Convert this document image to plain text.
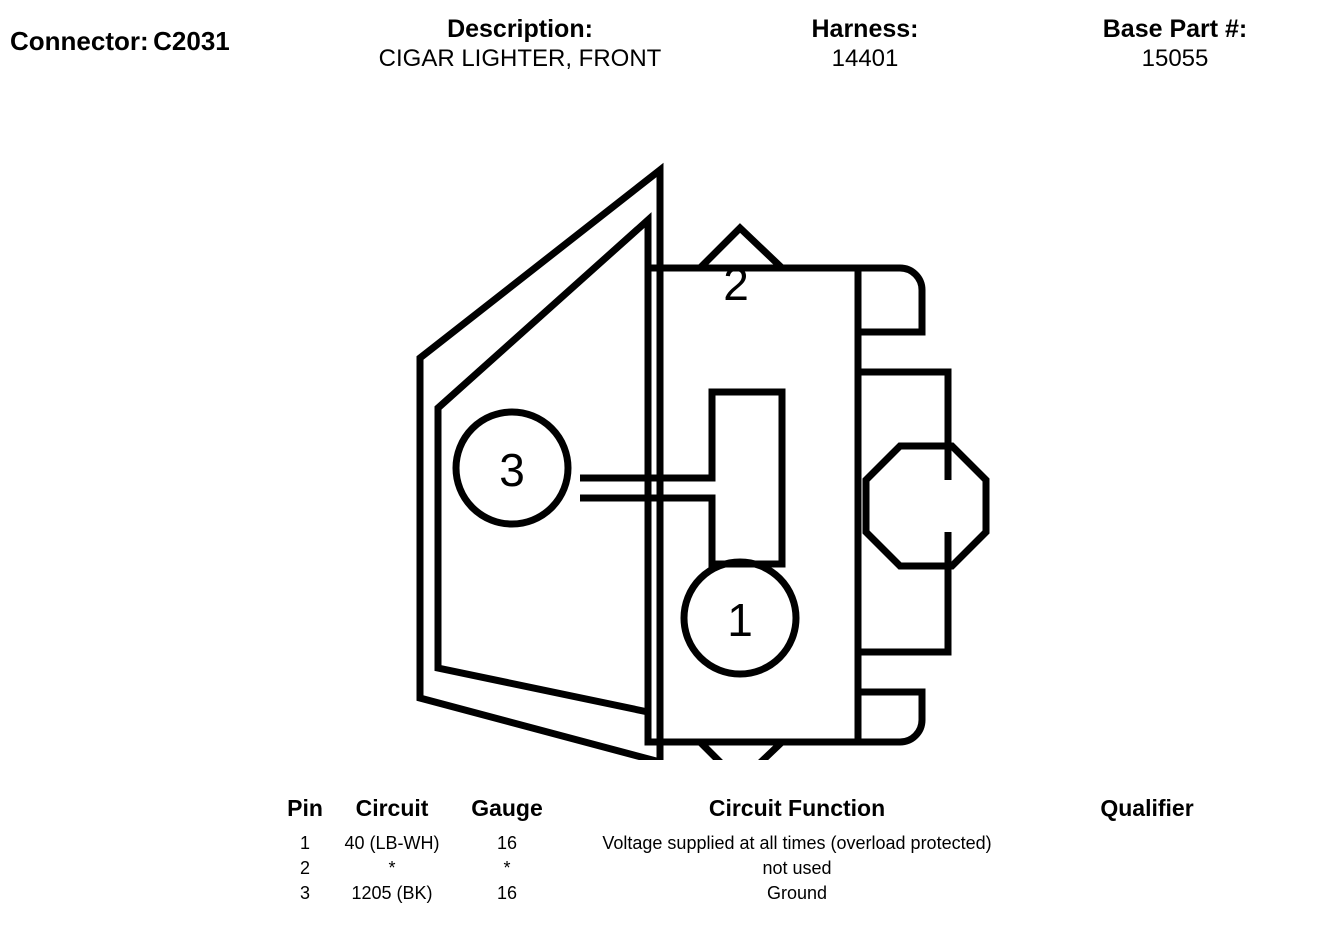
Connector: C2031	Description:
CIGAR LIGHTER, FRONT
Harness:
14401
Base Part #:
15055
2
3
1
	Pin	Circuit	Gauge	Circuit Function	Qualifier
	1	40 (LB-WH)	16	Voltage supplied at all times (overload protected)	
	2	*	*	not used	
	3	1205 (BK)	16	Ground	
